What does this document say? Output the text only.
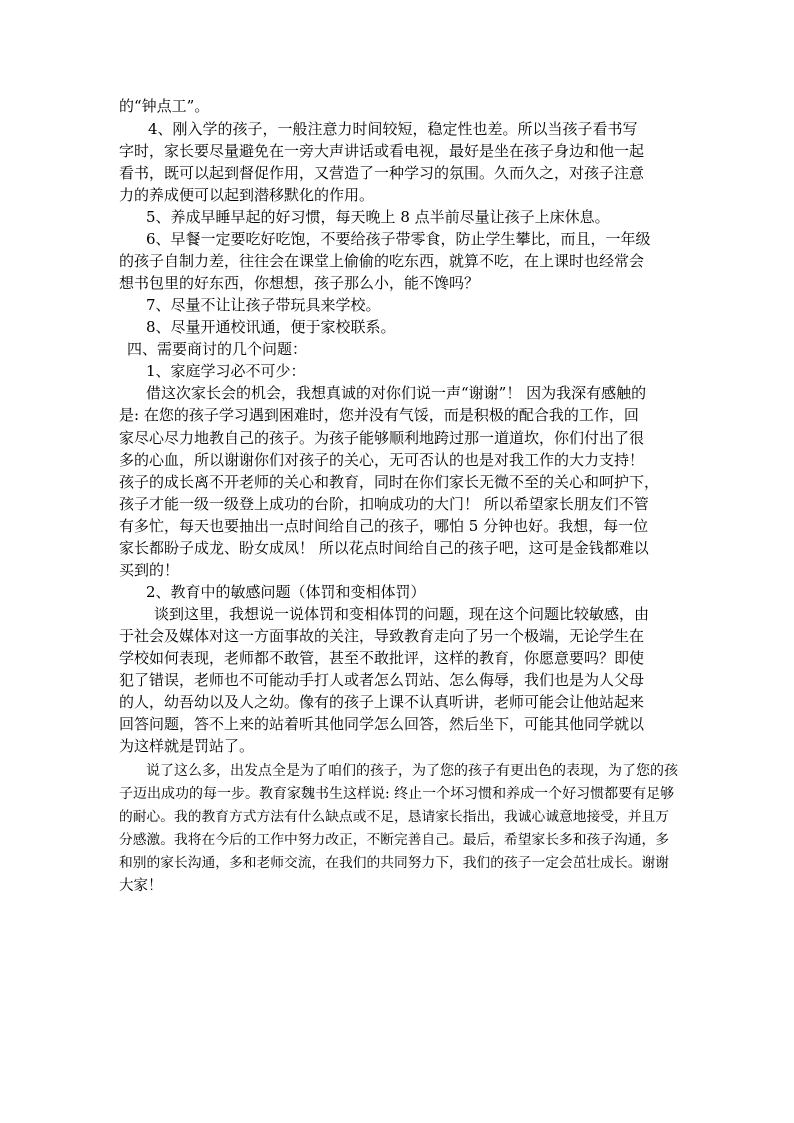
的“钟点工”。
4、刚入学的孩子，一般注意力时间较短，稳定性也差。所以当孩子看书写
字时，家长要尽量避免在一旁大声讲话或看电视，最好是坐在孩子身边和他一起
看书，既可以起到督促作用，又营造了一种学习的氛围。久而久之，对孩子注意
力的养成便可以起到潜移默化的作用。
5、养成早睡早起的好习惯，每天晚上 8 点半前尽量让孩子上床休息。
6、早餐一定要吃好吃饱，不要给孩子带零食，防止学生攀比，而且，一年级
的孩子自制力差，往往会在课堂上偷偷的吃东西，就算不吃，在上课时也经常会
想书包里的好东西，你想想，孩子那么小，能不馋吗？
7、尽量不让让孩子带玩具来学校。
8、尽量开通校讯通，便于家校联系。
四、需要商讨的几个问题：
1、家庭学习必不可少：
借这次家长会的机会，我想真诚的对你们说一声“谢谢”！ 因为我深有感触的
是: 在您的孩子学习遇到困难时，您并没有气馁，而是积极的配合我的工作，回
家尽心尽力地教自己的孩子。为孩子能够顺利地跨过那一道道坎，你们付出了很
多的心血，所以谢谢你们对孩子的关心，无可否认的也是对我工作的大力支持！
孩子的成长离不开老师的关心和教育，同时在你们家长无微不至的关心和呵护下，
孩子才能一级一级登上成功的台阶，扣响成功的大门！ 所以希望家长朋友们不管
有多忙，每天也要抽出一点时间给自己的孩子，哪怕 5 分钟也好。我想，每一位
家长都盼子成龙、盼女成凤！ 所以花点时间给自己的孩子吧，这可是金钱都难以
买到的！
2、教育中的敏感问题（体罚和变相体罚）
谈到这里，我想说一说体罚和变相体罚的问题，现在这个问题比较敏感，由
于社会及媒体对这一方面事故的关注，导致教育走向了另一个极端，无论学生在
学校如何表现，老师都不敢管，甚至不敢批评，这样的教育，你愿意要吗？即使
犯了错误，老师也不可能动手打人或者怎么罚站、怎么侮辱，我们也是为人父母
的人，幼吾幼以及人之幼。像有的孩子上课不认真听讲，老师可能会让他站起来
回答问题，答不上来的站着听其他同学怎么回答，然后坐下，可能其他同学就以
为这样就是罚站了。
说了这么多，出发点全是为了咱们的孩子，为了您的孩子有更出色的表现，为了您的孩
子迈出成功的每一步。教育家魏书生这样说: 终止一个坏习惯和养成一个好习惯都要有足够
的耐心。我的教育方式方法有什么缺点或不足，恳请家长指出，我诚心诚意地接受，并且万
分感激。我将在今后的工作中努力改正，不断完善自己。最后，希望家长多和孩子沟通，多
和别的家长沟通，多和老师交流，在我们的共同努力下，我们的孩子一定会茁壮成长。谢谢
大家！
